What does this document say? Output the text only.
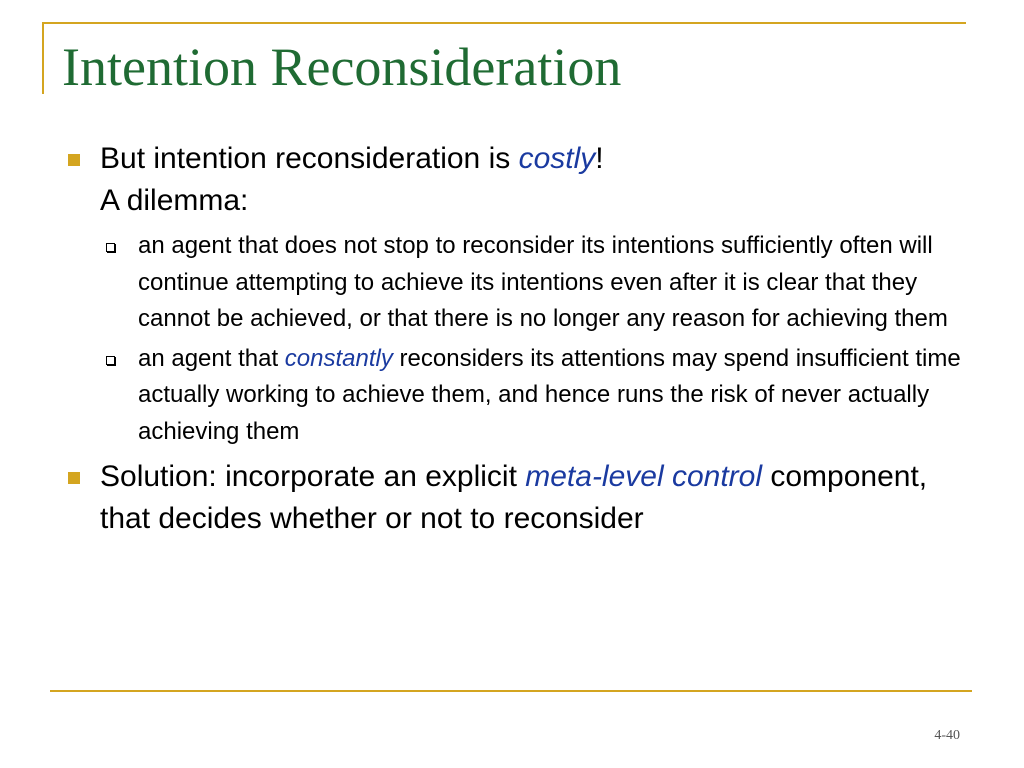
Intention Reconsideration
But intention reconsideration is costly!
A dilemma:
an agent that does not stop to reconsider its intentions sufficiently often will continue attempting to achieve its intentions even after it is clear that they cannot be achieved, or that there is no longer any reason for achieving them
an agent that constantly reconsiders its attentions may spend insufficient time actually working to achieve them, and hence runs the risk of never actually achieving them
Solution: incorporate an explicit meta-level control component, that decides whether or not to reconsider
4-40
